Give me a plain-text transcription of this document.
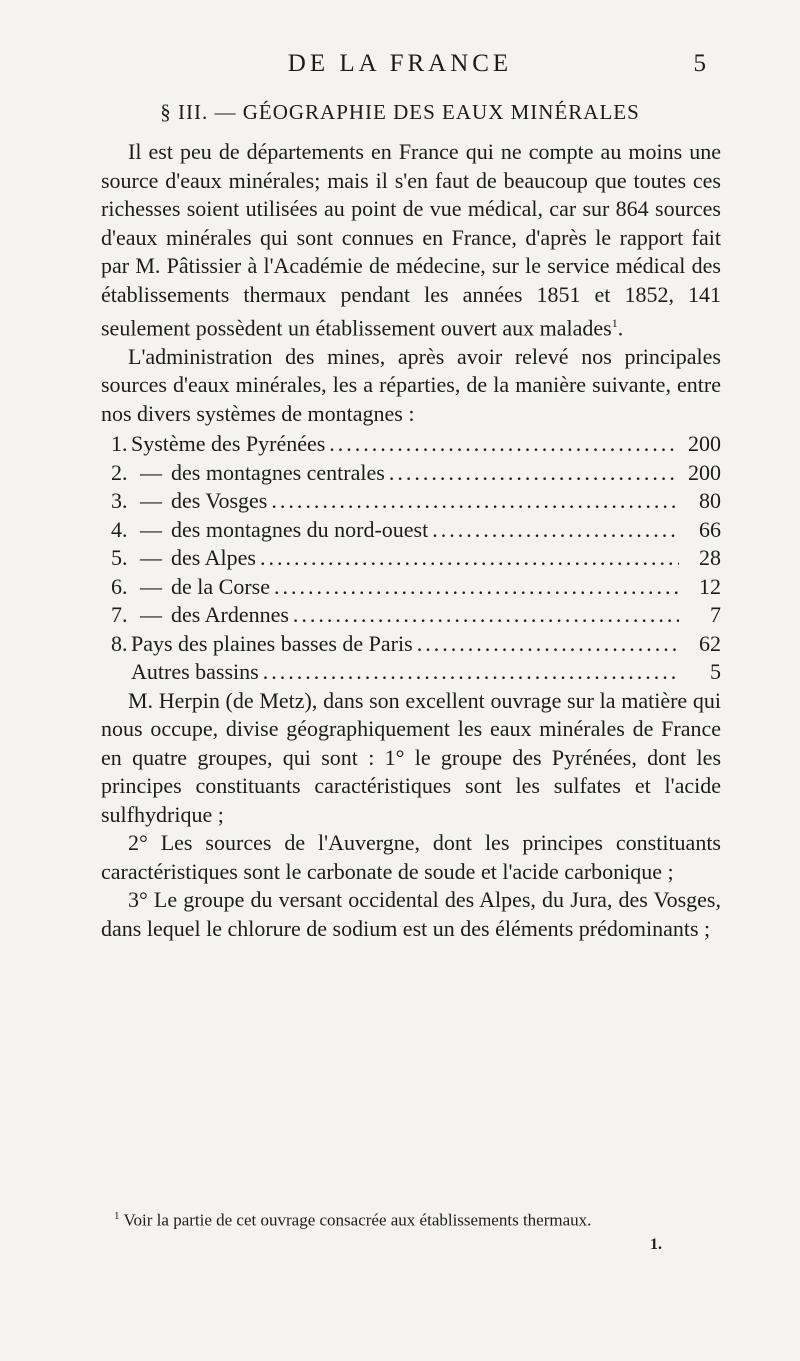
DE LA FRANCE	5
§ III. — GÉOGRAPHIE DES EAUX MINÉRALES

Il est peu de départements en France qui ne compte au moins une source d'eaux minérales; mais il s'en faut de beaucoup que toutes ces richesses soient utilisées au point de vue médical, car sur 864 sources d'eaux minérales qui sont connues en France, d'après le rapport fait par M. Pâtissier à l'Académie de médecine, sur le service médical des établissements thermaux pendant les années 1851 et 1852, 141 seulement possèdent un établissement ouvert aux malades$^1$.

L'administration des mines, après avoir relevé nos principales sources d'eaux minérales, les a réparties, de la manière suivante, entre nos divers systèmes de montagnes :

1. Système des Pyrénées .....	200
2. — des montagnes centrales .....	200
3. — des Vosges .....	80
4. — des montagnes du nord-ouest .....	66
5. — des Alpes .....	28
6. — de la Corse .....	12
7. — des Ardennes .....	7
8. Pays des plaines basses de Paris .....	62
Autres bassins .....	5

M. Herpin (de Metz), dans son excellent ouvrage sur la matière qui nous occupe, divise géographiquement les eaux minérales de France en quatre groupes, qui sont : 1° le groupe des Pyrénées, dont les principes constituants caractéristiques sont les sulfates et l'acide sulfhydrique ;

2° Les sources de l'Auvergne, dont les principes constituants caractéristiques sont le carbonate de soude et l'acide carbonique ;

3° Le groupe du versant occidental des Alpes, du Jura, des Vosges, dans lequel le chlorure de sodium est un des éléments prédominants ;

$^1$ Voir la partie de cet ouvrage consacrée aux établissements thermaux.
1.
